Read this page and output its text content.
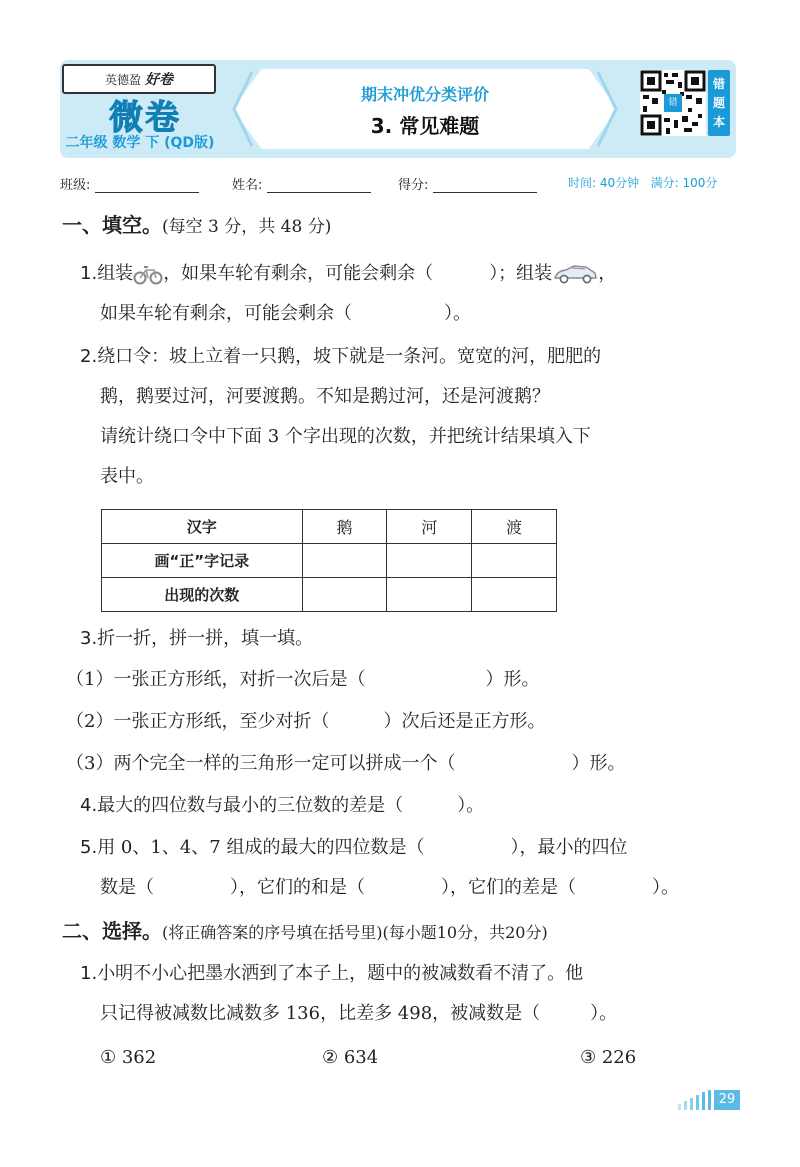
英德盈 好卷
微卷
二年级 数学 下 (QD版)
期末冲优分类评价
3. 常见难题
错
错
题
本
班级:	姓名:	得分:	时间: 40分钟 满分: 100分
一、填空。(每空 3 分，共 48 分)
1.组装 ，如果车轮有剩余，可能会剩余（	）；组装	，
如果车轮有剩余，可能会剩余（	）。
2.绕口令：坡上立着一只鹅，坡下就是一条河。宽宽的河，肥肥的
鹅，鹅要过河，河要渡鹅。不知是鹅过河，还是河渡鹅？
请统计绕口令中下面 3 个字出现的次数，并把统计结果填入下
表中。
汉字	鹅	河	渡
画“正”字记录			
出现的次数			
3.折一折，拼一拼，填一填。
（1）一张正方形纸，对折一次后是（	）形。
（2）一张正方形纸，至少对折（	）次后还是正方形。
（3）两个完全一样的三角形一定可以拼成一个（	）形。
4.最大的四位数与最小的三位数的差是（	）。
5.用 0、1、4、7 组成的最大的四位数是（	），最小的四位
数是（	），它们的和是（	），它们的差是（	）。
二、选择。(将正确答案的序号填在括号里)(每小题10分，共20分)
1.小明不小心把墨水洒到了本子上，题中的被减数看不清了。他
只记得被减数比减数多 136，比差多 498，被减数是（	）。
① 362	② 634	③ 226
29
